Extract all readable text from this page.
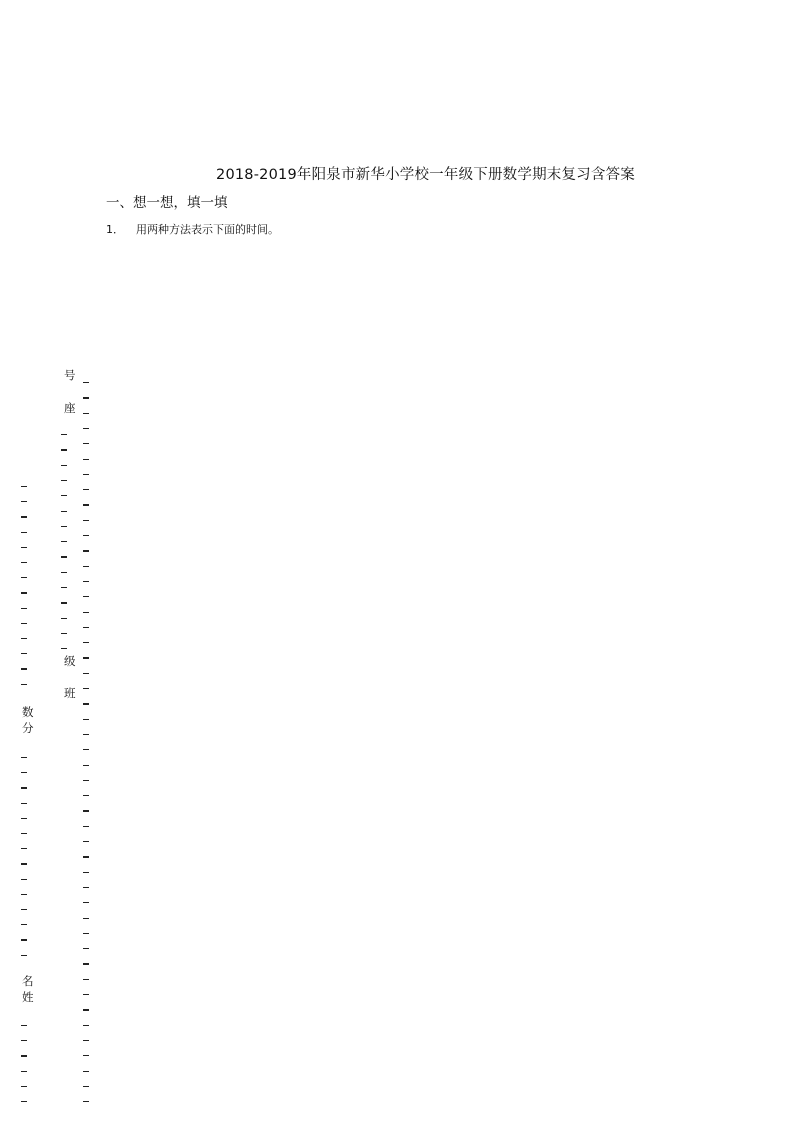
2018-2019年阳泉市新华小学校一年级下册数学期末复习含答案
一、想一想，填一填
1． 用两种方法表示下面的时间。
号
座
级
班
数
分
名
姓
